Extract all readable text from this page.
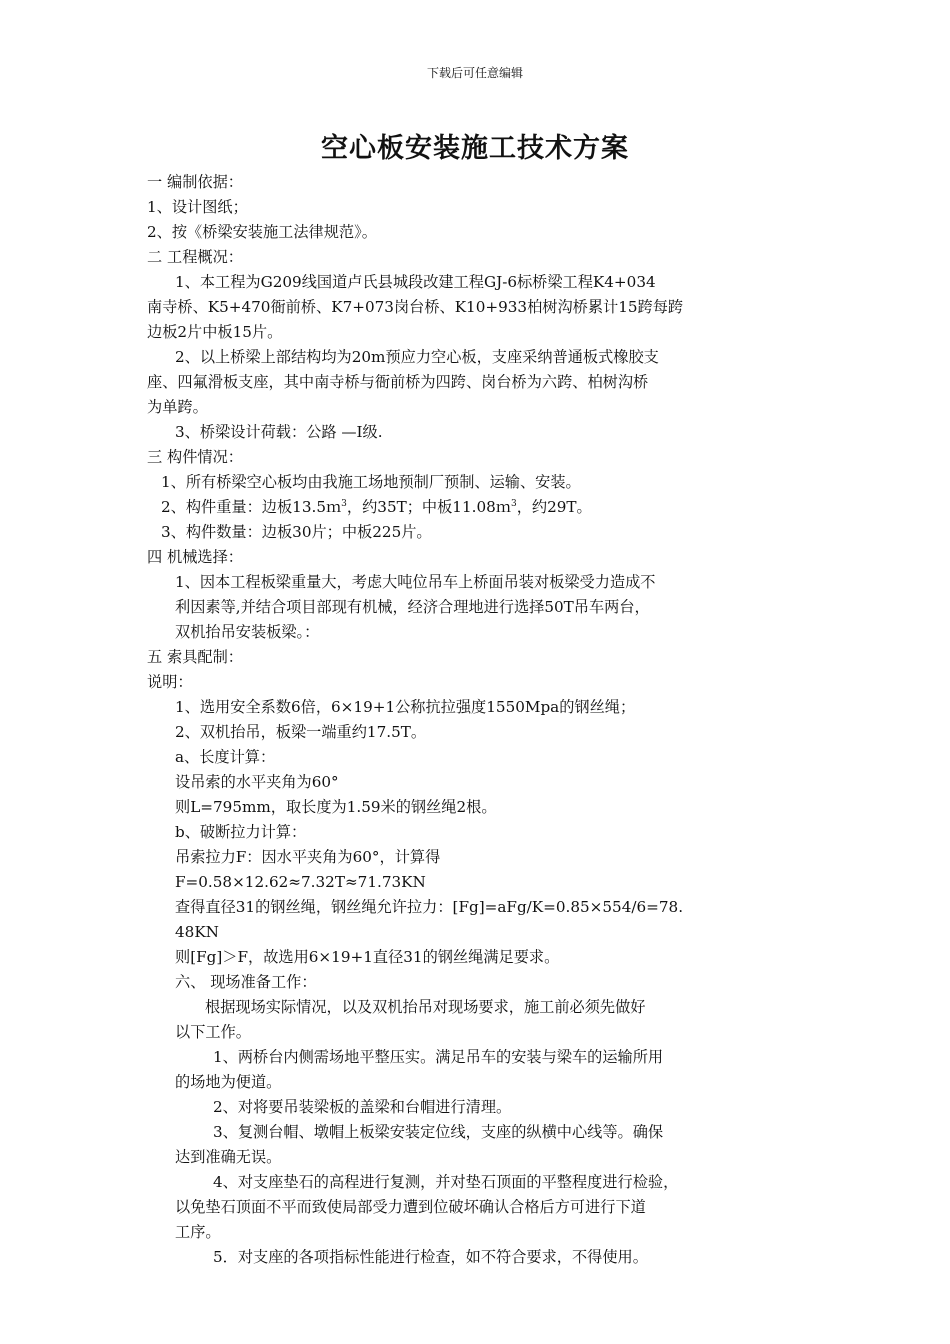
下载后可任意编辑
空心板安装施工技术方案
一 编制依据：
1、设计图纸；
2、按《桥梁安装施工法律规范》。
二 工程概况：
1、本工程为G209线国道卢氏县城段改建工程GJ-6标桥梁工程K4+034
南寺桥、K5+470衙前桥、K7+073岗台桥、K10+933柏树沟桥累计15跨每跨
边板2片中板15片。
2、以上桥梁上部结构均为20m预应力空心板，支座采纳普通板式橡胶支
座、四氟滑板支座，其中南寺桥与衙前桥为四跨、岗台桥为六跨、柏树沟桥
为单跨。
3、桥梁设计荷载：公路 —I级.
三 构件情况：
1、所有桥梁空心板均由我施工场地预制厂预制、运输、安装。
2、构件重量：边板13.5ｍ$^3$，约35T；中板11.08ｍ$^3$，约29T。
3、构件数量：边板30片；中板225片。
四 机械选择：
1、因本工程板梁重量大，考虑大吨位吊车上桥面吊装对板梁受力造成不
利因素等,并结合项目部现有机械，经济合理地进行选择50T吊车两台，
双机抬吊安装板梁。：
五 索具配制：
说明：
1、选用安全系数6倍，6×19+1公称抗拉强度1550Mpa的钢丝绳；
2、双机抬吊，板梁一端重约17.5T。
a、长度计算：
设吊索的水平夹角为60°
则L=795mm，取长度为1.59米的钢丝绳2根。
b、破断拉力计算：
吊索拉力F：因水平夹角为60°，计算得
F=0.58×12.62≈7.32T≈71.73KN
查得直径31的钢丝绳，钢丝绳允许拉力：[Fg]=aFg/K=0.85×554/6=78.
48KN
则[Fg]＞F，故选用6×19+1直径31的钢丝绳满足要求。
六、 现场准备工作：
根据现场实际情况，以及双机抬吊对现场要求，施工前必须先做好
以下工作。
1、两桥台内侧需场地平整压实。满足吊车的安装与梁车的运输所用
的场地为便道。
2、对将要吊装梁板的盖梁和台帽进行清理。
3、复测台帽、墩帽上板梁安装定位线，支座的纵横中心线等。确保
达到准确无误。
4、对支座垫石的高程进行复测，并对垫石顶面的平整程度进行检验，
以免垫石顶面不平而致使局部受力遭到位破坏确认合格后方可进行下道
工序。
5．对支座的各项指标性能进行检查，如不符合要求，不得使用。
